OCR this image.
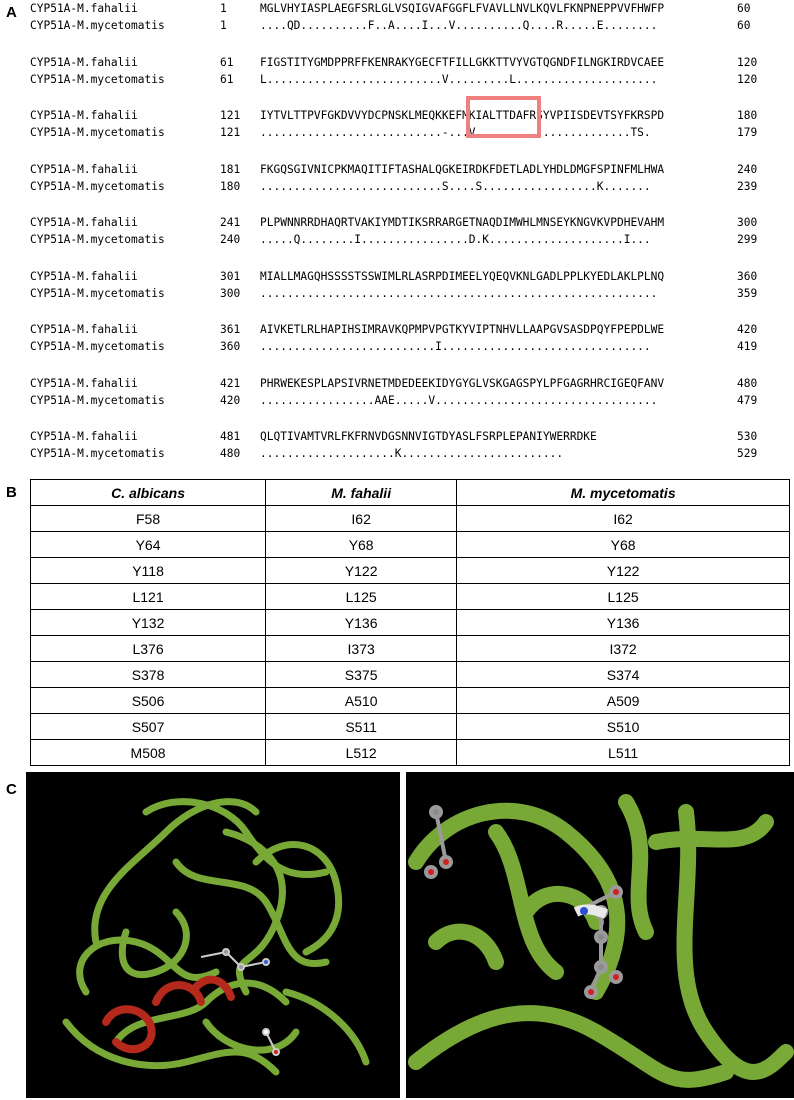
A
B
C
CYP51A-M.fahalii	1	MGLVHYIASPLAEGFSRLGLVSQIGVAFGGFLFVAVLLNVLKQVLFKNPNEPPVVFHWFP	60
CYP51A-M.mycetomatis	1	....QD..........F..A....I...V..........Q....R.....E........	60
CYP51A-M.fahalii	61 FIGSTITYGMDPPRFFKENRAKYGECFTFILLGKKTTVYVGTQGNDFILNGKIRDVCAEE	120
CYP51A-M.mycetomatis	61 L..........................V.........L.....................	120
CYP51A-M.fahalii	121 IYTVLTTPVFGKDVVYDCPNSKLMEQKKEFMKIALTTDAFRSYVPIISDEVTSYFKRSPD	180
CYP51A-M.mycetomatis	121 ...........................-...V.......................TS.	179
CYP51A-M.fahalii	181 FKGQSGIVNICPKMAQITIFTASHALQGKEIRDKFDETLADLYHDLDMGFSPINFMLHWA	240
CYP51A-M.mycetomatis	180 ...........................S....S.................K.......	239
CYP51A-M.fahalii	241 PLPWNNRRDHAQRTVAKIYMDTIKSRRARGETNAQDIMWHLMNSEYKNGVKVPDHEVAHM	300
CYP51A-M.mycetomatis	240 .....Q........I................D.K....................I...	299
CYP51A-M.fahalii	301 MIALLMAGQHSSSSTSSWIMLRLASRPDIMEELYQEQVKNLGADLPPLKYEDLAKLPLNQ	360
CYP51A-M.mycetomatis	300 ...........................................................	359
CYP51A-M.fahalii	361 AIVKETLRLHAPIHSIMRAVKQPMPVPGTKYVIPTNHVLLAAPGVSASDPQYFPEPDLWE	420
CYP51A-M.mycetomatis	360 ..........................I...............................	419
CYP51A-M.fahalii	421 PHRWEKESPLAPSIVRNETMDEDEEKIDYGYGLVSKGAGSPYLPFGAGRHRCIGEQFANV	480
CYP51A-M.mycetomatis	420 .................AAE.....V.................................	479
CYP51A-M.fahalii	481 QLQTIVAMTVRLFKFRNVDGSNNVIGTDYASLFSRPLEPANIYWERRDKE	530
CYP51A-M.mycetomatis	480 ....................K........................	529
C. albicans	M. fahalii	M. mycetomatis
F58	I62	I62
Y64	Y68	Y68
Y118	Y122	Y122
L121	L125	L125
Y132	Y136	Y136
L376	I373	I372
S378	S375	S374
S506	A510	A509
S507	S511	S510
M508	L512	L511
